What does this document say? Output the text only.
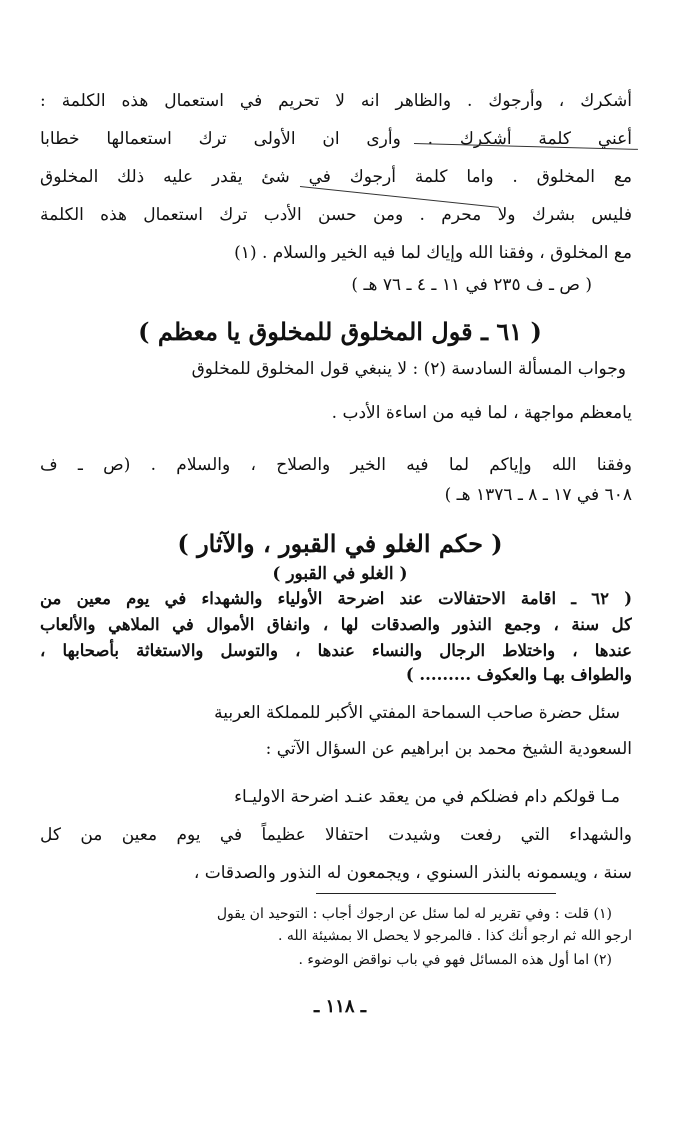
أشكرك ، وأرجوك . والظاهر انه لا تحريم في استعمال هذه الكلمة :
أعني كلمة أشكرك . وأرى ان الأولى ترك استعمالها خطابا
مع المخلوق . واما كلمة أرجوك في شئ يقدر عليه ذلك المخلوق
فليس بشرك ولا محرم . ومن حسن الأدب ترك استعمال هذه الكلمة
مع المخلوق ، وفقنا الله وإياك لما فيه الخير والسلام . (١)
( ص ـ ف ٢٣٥ في ١١ ـ ٤ ـ ٧٦ هـ )
( ٦١ ـ قول المخلوق للمخلوق يا معظم )
وجواب المسألة السادسة (٢) : لا ينبغي قول المخلوق للمخلوق
يامعظم مواجهة ، لما فيه من اساءة الأدب .
وفقنا الله وإياكم لما فيه الخير والصلاح ، والسلام . (ص ـ ف
٦٠٨ في ١٧ ـ ٨ ـ ١٣٧٦ هـ )
( حكم الغلو في القبور ، والآثار )
( الغلو في القبور )
( ٦٢ ـ اقامة الاحتفالات عند اضرحة الأولياء والشهداء في يوم معين من
كل سنة ، وجمع النذور والصدقات لها ، وانفاق الأموال في الملاهي والألعاب
عندها ، واختلاط الرجال والنساء عندها ، والتوسل والاستغاثة بأصحابها ،
والطواف بهـا والعكوف ......... )
سئل حضرة صاحب السماحة المفتي الأكبر للمملكة العربية
السعودية الشيخ محمد بن ابراهيم عن السؤال الآتي :
مـا قولكم دام فضلكم في من يعقد عنـد اضرحة الاوليـاء
والشهداء التي رفعت وشيدت احتفالا عظيماً في يوم معين من كل
سنة ، ويسمونه بالنذر السنوي ، ويجمعون له النذور والصدقات ،
(١) قلت : وفي تقرير له لما سئل عن ارجوك أجاب : التوحيد ان يقول
ارجو الله ثم ارجو أنك كذا . فالمرجو لا يحصل الا بمشيئة الله .
(٢) اما أول هذه المسائل فهو في باب نواقض الوضوء .
ـ ١١٨ ـ
